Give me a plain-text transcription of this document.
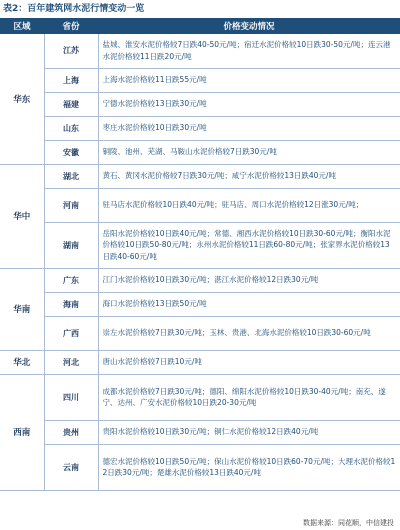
表2：百年建筑网水泥行情变动一览
区域	省份	价格变动情况
华东	江苏	盐城、淮安水泥价格较7日跌40-50元/吨；宿迁水泥价格较10日跌30-50元/吨；连云港水泥价格较11日跌20元/吨
	上海	上海水泥价格较11日跌55元/吨
	福建	宁德水泥价格较13日跌30元/吨
	山东	枣庄水泥价格较10日跌30元/吨
	安徽	铜陵、池州、芜湖、马鞍山水泥价格较7日跌30元/吨
华中	湖北	黄石、黄冈水泥价格较7日跌30元/吨；咸宁水泥价格较13日跌40元/吨
	河南	驻马店水泥价格较10日跌40元/吨；驻马店、周口水泥价格较12日涨30元/吨；
	湖南	岳阳水泥价格较10日跌40元/吨；常德、湘西水泥价格较10日跌30-60元/吨；衡阳水泥价格较10日跌50-80元/吨；永州水泥价格较11日跌60-80元/吨；张家界水泥价格较13日跌40-60元/吨
华南	广东	江门水泥价格较10日跌30元/吨；湛江水泥价格较12日跌30元/吨
	海南	海口水泥价格较13日跌50元/吨
	广西	崇左水泥价格较7日跌30元/吨；玉林、贵港、北海水泥价格较10日跌30-60元/吨
华北	河北	唐山水泥价格较7日跌10元/吨
西南	四川	成都水泥价格较7日跌30元/吨；德阳、绵阳水泥价格较10日跌30-40元/吨；南充、遂宁、达州、广安水泥价格较10日跌20-30元/吨
	贵州	贵阳水泥价格较10日跌30元/吨；铜仁水泥价格较12日跌40元/吨
	云南	德宏水泥价格较10日跌50元/吨；保山水泥价格较10日跌60-70元/吨；大理水泥价格较12日跌30元/吨；楚雄水泥价格较13日跌40元/吨
数据来源：同花顺，中信建投
